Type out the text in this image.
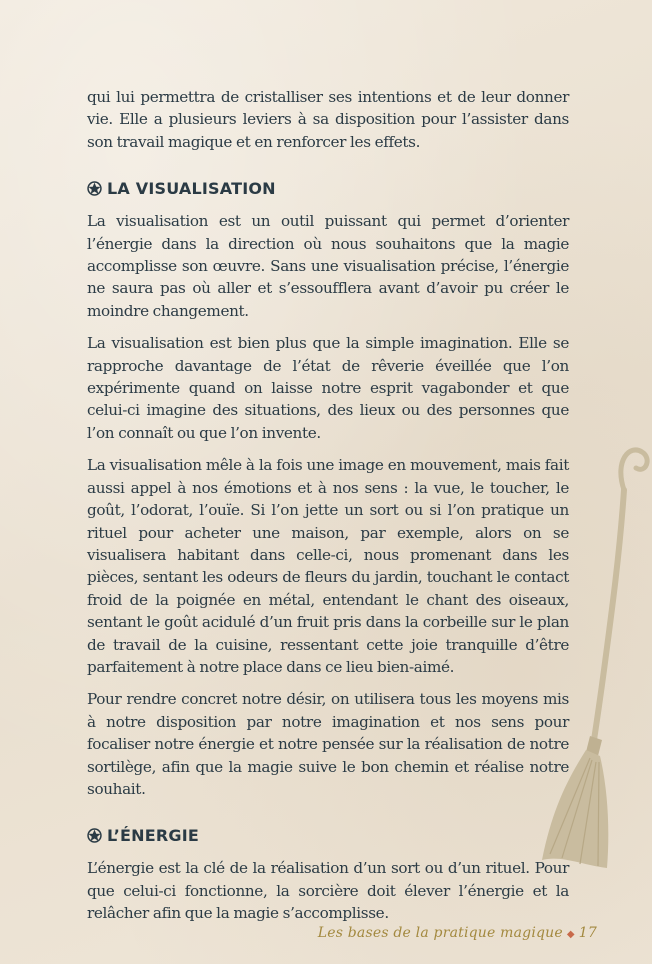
qui lui permettra de cristalliser ses intentions et de leur donner vie. Elle a plusieurs leviers à sa disposition pour l’assister dans son travail magique et en renforcer les effets.

LA VISUALISATION

La visualisation est un outil puissant qui permet d’orienter l’énergie dans la direction où nous souhaitons que la magie accomplisse son œuvre. Sans une visualisation précise, l’énergie ne saura pas où aller et s’essoufflera avant d’avoir pu créer le moindre changement.

La visualisation est bien plus que la simple imagination. Elle se rapproche davantage de l’état de rêverie éveillée que l’on expérimente quand on laisse notre esprit vagabonder et que celui-ci imagine des situations, des lieux ou des personnes que l’on connaît ou que l’on invente.

La visualisation mêle à la fois une image en mouvement, mais fait aussi appel à nos émotions et à nos sens : la vue, le toucher, le goût, l’odorat, l’ouïe. Si l’on jette un sort ou si l’on pratique un rituel pour acheter une maison, par exemple, alors on se visualisera habitant dans celle-ci, nous promenant dans les pièces, sentant les odeurs de fleurs du jardin, touchant le contact froid de la poignée en métal, entendant le chant des oiseaux, sentant le goût acidulé d’un fruit pris dans la corbeille sur le plan de travail de la cuisine, ressentant cette joie tranquille d’être parfaitement à notre place dans ce lieu bien-aimé.

Pour rendre concret notre désir, on utilisera tous les moyens mis à notre disposition par notre imagination et nos sens pour focaliser notre énergie et notre pensée sur la réalisation de notre sortilège, afin que la magie suive le bon chemin et réalise notre souhait.

L’ÉNERGIE

L’énergie est la clé de la réalisation d’un sort ou d’un rituel. Pour que celui-ci fonctionne, la sorcière doit élever l’énergie et la relâcher afin que la magie s’accomplisse.

Les bases de la pratique magique ◆ 17
